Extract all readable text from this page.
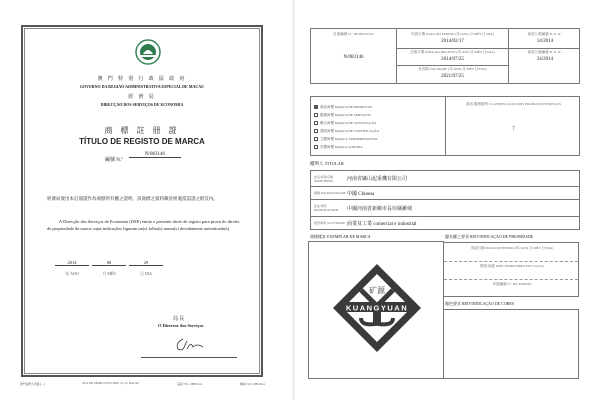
澳 門 特 別 行 政 區 政 府
GOVERNO DA REGIÃO ADMINISTRATIVA ESPECIAL DE MACAU
經 濟 局
DIRECÇÃO DOS SERVIÇOS DE ECONOMIA
商 標 註 冊 證
TÍTULO DE REGISTO DE MARCA
編號 N.º
N/083146
經濟局發出本註冊證作為商標所有權之證明，該商標之資料載於經適當認證之附頁內。
A Direcção dos Serviços de Economia (DSE) emite o presente título de registo para prova do direito de propriedade da marca cujas indicações figuram na(s) folha(s) anexa(s) devidamente autenticada(s).
2014	08	29
年 ANO	月 MÊS	日 DIA
局 長
O Director dos Serviços
澳門南灣大馬路 (…)	RUA DR. PEDRO JOSÉ LOBO 1-3, 25, MACAU	電話 TEL.: 2888 2xxx	傳真 FAX: 2889 0xxx
註冊編號 N.º DE REGISTO
N/083146
申請日期 DATA DO PEDIDO (年/ANO 月/MÊS 日/DIA)
2014/02/17
註冊日期 DATA DO REGISTO (年/ANO 月/MÊS 日/DIA)
2014/07/25
有效期 VALIDADE (年/ANO 月/MÊS 日/DIA)
2021/07/25
政府公報編號 B. O. N.º
14/2014
政府公報編號 B. O. N.º
34/2014
商品商標 MARCA DE PRODUTOS
服務商標 MARCA DE SERVIÇOS
聯合商標 MARCA DE ASSOCIAÇÃO
證明商標 MARCA DE CERTIFICAÇÃO
立體商標 MARCA TRIDIMENSIONAL
音響商標 MARCA SONORA
產品/服務類別 CLASSIFICAÇÃO DOS PRODUTOS/SERVIÇOS
7
權利人 TITULAR
姓名/商業名稱 NOME/FIRMA	河南省礦山起重機有限公司
國籍 NACIONALIDADE 中國 Chinesa
住址/場所 DOMICÍLIO/SEDE	中國河南省新鄉市長垣縣濰城
經營業務 ACTIVIDADE 商業及工業 comercial e industrial
商標樣本 EXEMPLAR DE MARCA	優先權之要求 REIVINDICAÇÃO DE PRIORIDADE
KUANGYUAN
矿源
申請日期 DATA DO PEDIDO (年/ANO 月/MÊS 日/DIA)
國家/地區 PAÍS/TERRITÓRIO EM CAUSA
申請編號 N.º DO PEDIDO
顏色要求 REIVINDICAÇÃO DE CORES
